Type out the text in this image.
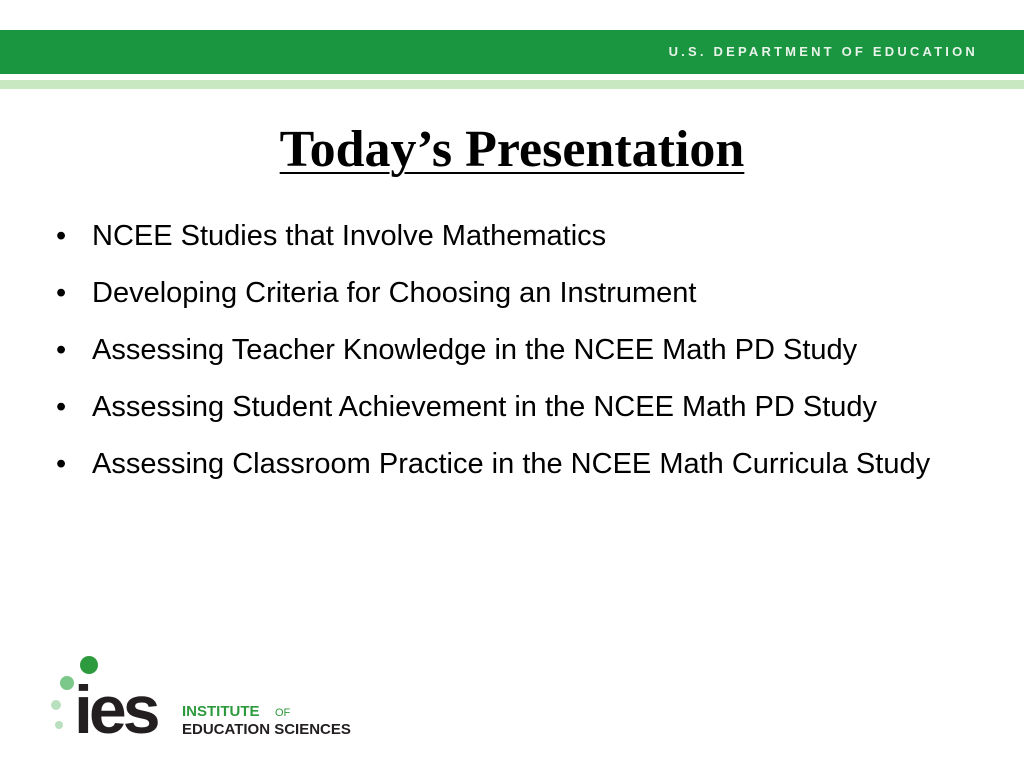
U.S. DEPARTMENT OF EDUCATION
Today’s Presentation
• NCEE Studies that Involve Mathematics
• Developing Criteria for Choosing an Instrument
• Assessing Teacher Knowledge in the NCEE Math PD Study
• Assessing Student Achievement in the NCEE Math PD Study
• Assessing Classroom Practice in the NCEE Math Curricula Study
ies INSTITUTE OF
EDUCATION SCIENCES
